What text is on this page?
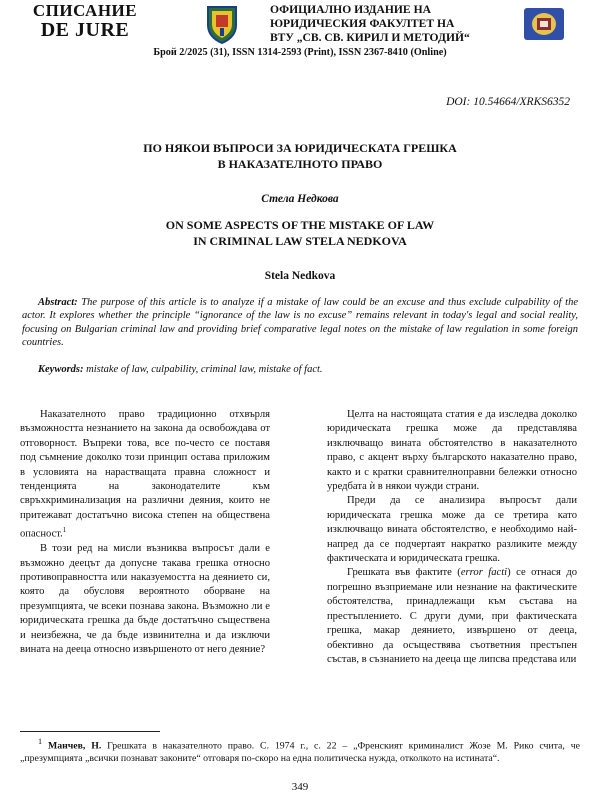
СПИСАНИЕ
DE JURE
ОФИЦИАЛНО ИЗДАНИЕ НА
ЮРИДИЧЕСКИЯ ФАКУЛТЕТ НА
ВТУ „СВ. СВ. КИРИЛ И МЕТОДИЙ“
Брой 2/2025 (31), ISSN 1314-2593 (Print), ISSN 2367-8410 (Online)
DOI: 10.54664/XRKS6352
ПО НЯКОИ ВЪПРОСИ ЗА ЮРИДИЧЕСКАТА ГРЕШКА
В НАКАЗАТЕЛНОТО ПРАВО
Стела Недкова
ON SOME ASPECTS OF THE MISTAKE OF LAW
IN CRIMINAL LAW STELA NEDKOVA
Stela Nedkova
Abstract: The purpose of this article is to analyze if a mistake of law could be an excuse and thus exclude culpability of the actor. It explores whether the principle “ignorance of the law is no excuse” remains relevant in today's legal and social reality, focusing on Bulgarian criminal law and providing brief comparative legal notes on the mistake of law regulation in some foreign countries.
Keywords: mistake of law, culpability, criminal law, mistake of fact.

Наказателното право традиционно отхвърля възможността незнанието на закона да освобождава от отговорност. Въпреки това, все по-често се поставя под съмнение доколко този принцип остава приложим в условията на нарастващата правна сложност и тенденцията на законодателите към свръхкриминализация на различни деяния, които не притежават достатъчно висока степен на обществена опасност.$^1$

В този ред на мисли възниква въпросът дали е възможно деецът да допусне такава грешка относно противоправността или наказуемостта на деянието си, която да обусловя вероятното оборване на презумпцията, че всеки познава закона. Възможно ли е юридическата грешка да бъде достатъчно съществена и неизбежна, че да бъде извинителна и да изключи вината на дееца относно извършеното от него деяние?

Целта на настоящата статия е да изследва доколко юридическата грешка може да представлява изключващо вината обстоятелство в наказателното право, с акцент върху българското наказателно право, както и с кратки сравнителноправни бележки относно уредбата ѝ в някои чужди страни.

Преди да се анализира въпросът дали юридическата грешка може да се третира като изключващо вината обстоятелство, е необходимо най-напред да се подчертаят накратко разликите между фактическата и юридическата грешка.

Грешката във фактите (error facti) се отнася до погрешно възприемане или незнание на фактическите обстоятелства, принадлежащи към състава на престъплението. С други думи, при фактическата грешка, макар деянието, извършено от дееца, обективно да осъществява съответния престъпен състав, в съзнанието на дееца ще липсва представа или

$^1$ Манчев, Н. Грешката в наказателното право. С. 1974 г., с. 22 – „Френският криминалист Жозе М. Рико счита, че „презумпцията „всички познават законите“ отговаря по-скоро на една политическа нужда, отколкото на истината“.
349
